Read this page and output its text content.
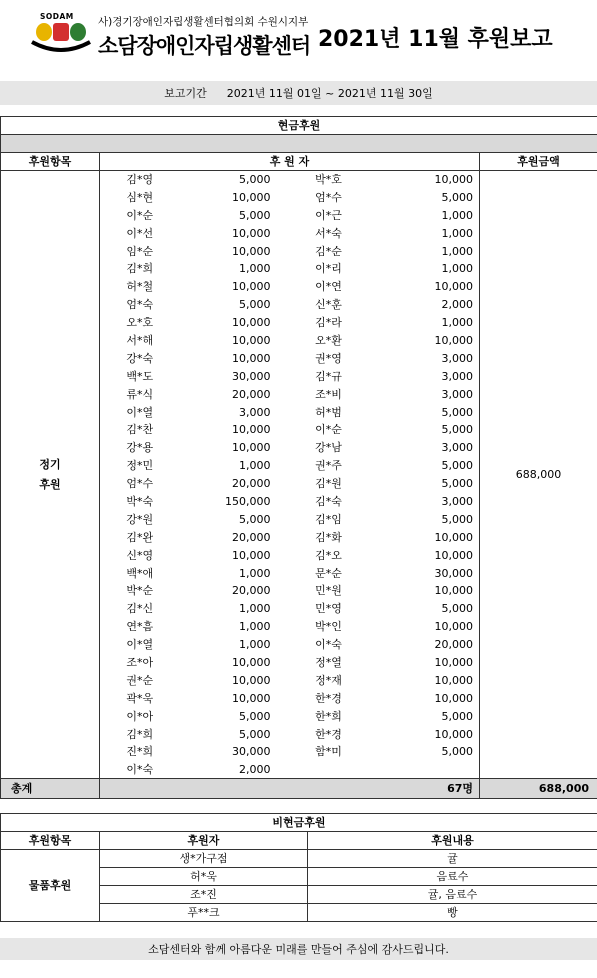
SODAM 사)경기장애인자립생활센터협의회 수원시지부
소담장애인자립생활센터 2021년 11월 후원보고
보고기간 2021년 11월 01일 ~ 2021년 11월 30일
현금후원					

후원항목	후 원 자				후원금액

정기
후원	김*영	5,000	박*호	10,000	688,000
	심*현	10,000	엄*수	5,000	
	이*순	5,000	이*근	1,000	
	이*선	10,000	서*숙	1,000	
	임*순	10,000	김*순	1,000	
	김*희	1,000	이*리	1,000	
	허*철	10,000	이*연	10,000	
	엄*숙	5,000	신*훈	2,000	
	오*호	10,000	김*라	1,000	
	서*해	10,000	오*환	10,000	
	강*숙	10,000	권*영	3,000	
	백*도	30,000	김*규	3,000	
	류*식	20,000	조*비	3,000	
	이*열	3,000	허*범	5,000	
	김*찬	10,000	이*순	5,000	
	강*용	10,000	강*남	3,000	
	정*민	1,000	권*주	5,000	
	엄*수	20,000	김*원	5,000	
	박*숙	150,000	김*숙	3,000	
	강*원	5,000	김*임	5,000	
	김*완	20,000	김*화	10,000	
	신*영	10,000	김*오	10,000	
	백*애	1,000	문*순	30,000	
	박*순	20,000	민*원	10,000	
	김*신	1,000	민*영	5,000	
	연*흠	1,000	박*인	10,000	
	이*열	1,000	이*숙	20,000	
	조*아	10,000	정*열	10,000	
	권*순	10,000	정*재	10,000	
	곽*욱	10,000	한*경	10,000	
	이*아	5,000	한*희	5,000	
	김*희	5,000	한*경	10,000	
	진*희	30,000	함*미	5,000	
	이*숙	2,000			
총계	67명				688,000
비현금후원		
후원항목	후원자	후원내용
물품후원	생*가구점	귤
	허*욱	음료수
	조*진	귤, 음료수
	푸**크	빵
소담센터와 함께 아름다운 미래를 만들어 주심에 감사드립니다.
